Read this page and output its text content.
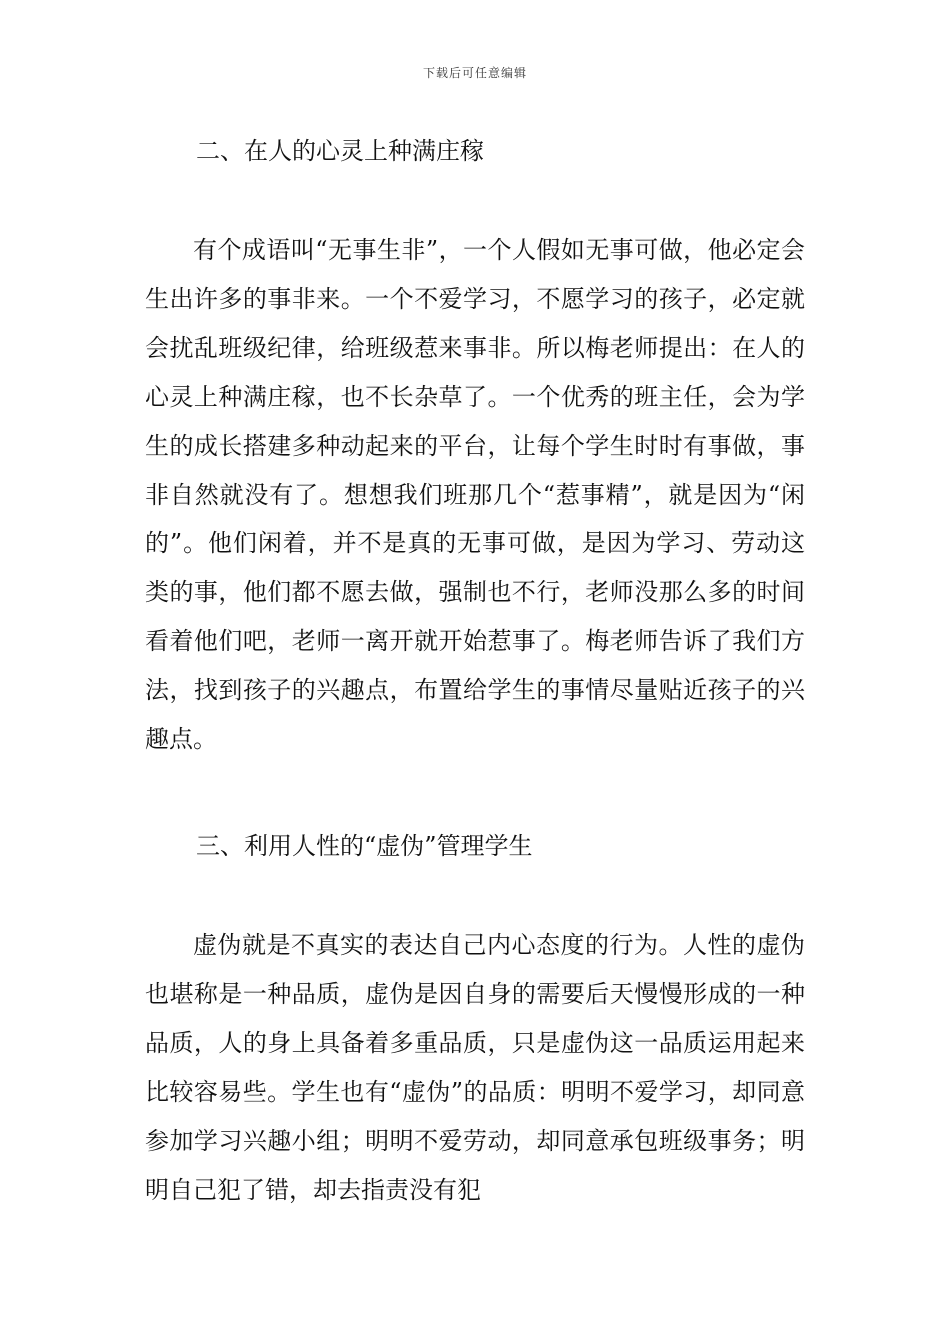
下载后可任意编辑
二、在人的心灵上种满庄稼

有个成语叫“无事生非”，一个人假如无事可做，他必定会生出许多的事非来。一个不爱学习，不愿学习的孩子，必定就会扰乱班级纪律，给班级惹来事非。所以梅老师提出：在人的心灵上种满庄稼，也不长杂草了。一个优秀的班主任，会为学生的成长搭建多种动起来的平台，让每个学生时时有事做，事非自然就没有了。想想我们班那几个“惹事精”，就是因为“闲的”。他们闲着，并不是真的无事可做，是因为学习、劳动这类的事，他们都不愿去做，强制也不行，老师没那么多的时间看着他们吧，老师一离开就开始惹事了。梅老师告诉了我们方法，找到孩子的兴趣点，布置给学生的事情尽量贴近孩子的兴趣点。

三、利用人性的“虚伪”管理学生

虚伪就是不真实的表达自己内心态度的行为。人性的虚伪也堪称是一种品质，虚伪是因自身的需要后天慢慢形成的一种品质，人的身上具备着多重品质，只是虚伪这一品质运用起来比较容易些。学生也有“虚伪”的品质：明明不爱学习，却同意参加学习兴趣小组；明明不爱劳动，却同意承包班级事务；明明自己犯了错，却去指责没有犯
